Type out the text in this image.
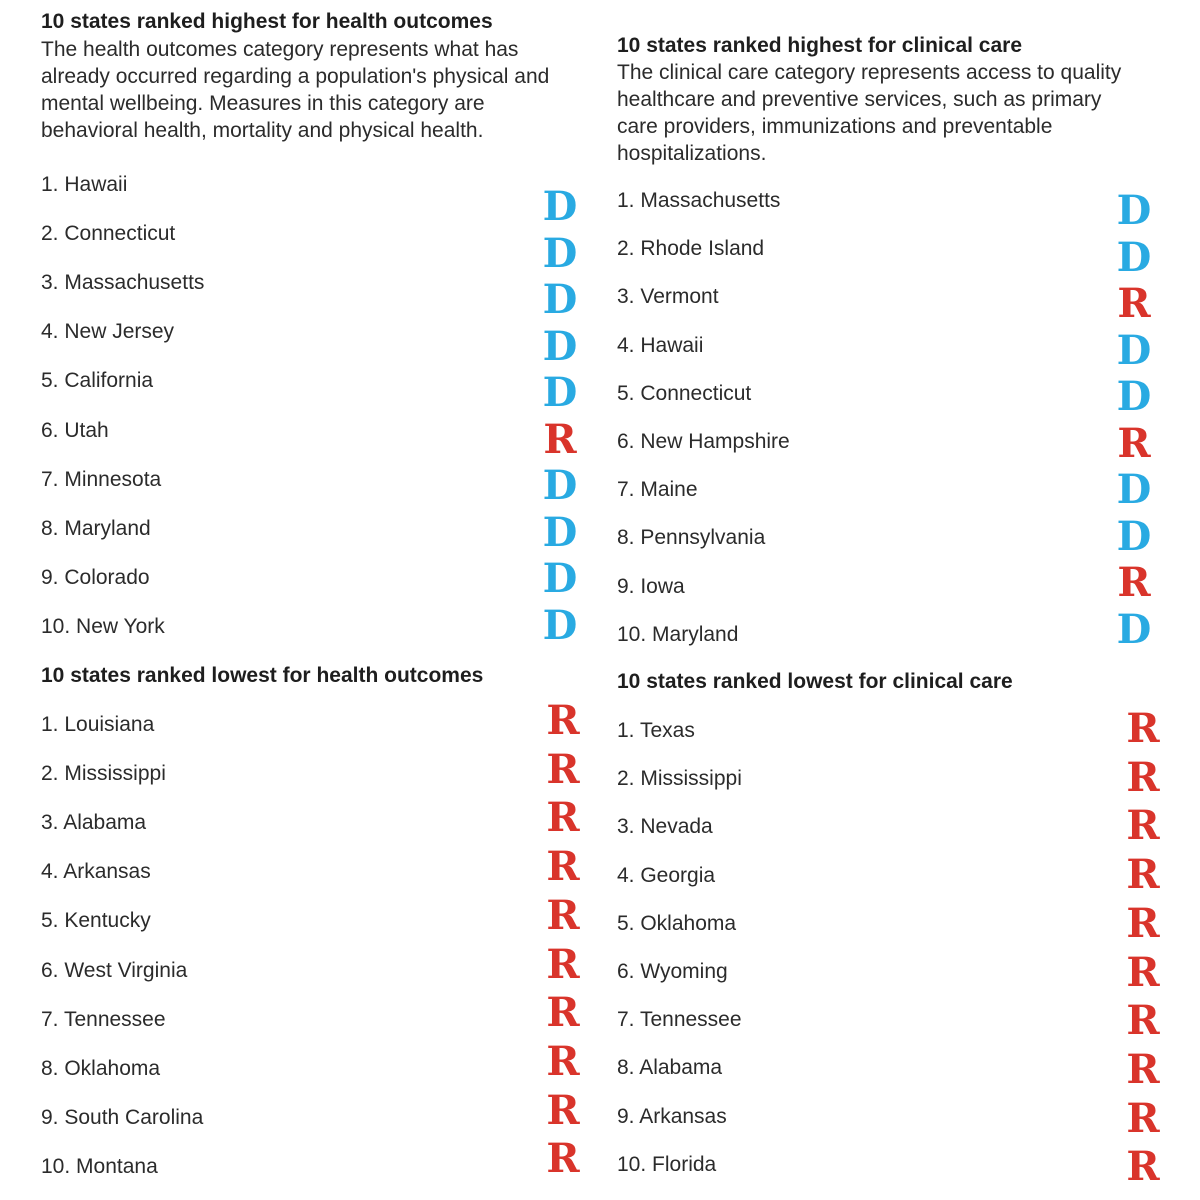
10 states ranked highest for health outcomes

The health outcomes category represents what has already occurred regarding a population's physical and mental wellbeing. Measures in this category are behavioral health, mortality and physical health.

1. Hawaii	D
2. Connecticut	D
3. Massachusetts	D
4. New Jersey	D
5. California	D
6. Utah	R
7. Minnesota	D
8. Maryland	D
9. Colorado	D
10. New York	D
10 states ranked lowest for health outcomes
1. Louisiana	R
2. Mississippi	R
3. Alabama	R
4. Arkansas	R
5. Kentucky	R
6. West Virginia	R
7. Tennessee	R
8. Oklahoma	R
9. South Carolina	R
10. Montana	R
10 states ranked highest for clinical care

The clinical care category represents access to quality healthcare and preventive services, such as primary care providers, immunizations and preventable hospitalizations.

1. Massachusetts	D
2. Rhode Island	D
3. Vermont	R
4. Hawaii	D
5. Connecticut	D
6. New Hampshire	R
7. Maine	D
8. Pennsylvania	D
9. Iowa	R
10. Maryland	D
10 states ranked lowest for clinical care
1. Texas	R
2. Mississippi	R
3. Nevada	R
4. Georgia	R
5. Oklahoma	R
6. Wyoming	R
7. Tennessee	R
8. Alabama	R
9. Arkansas	R
10. Florida	R
